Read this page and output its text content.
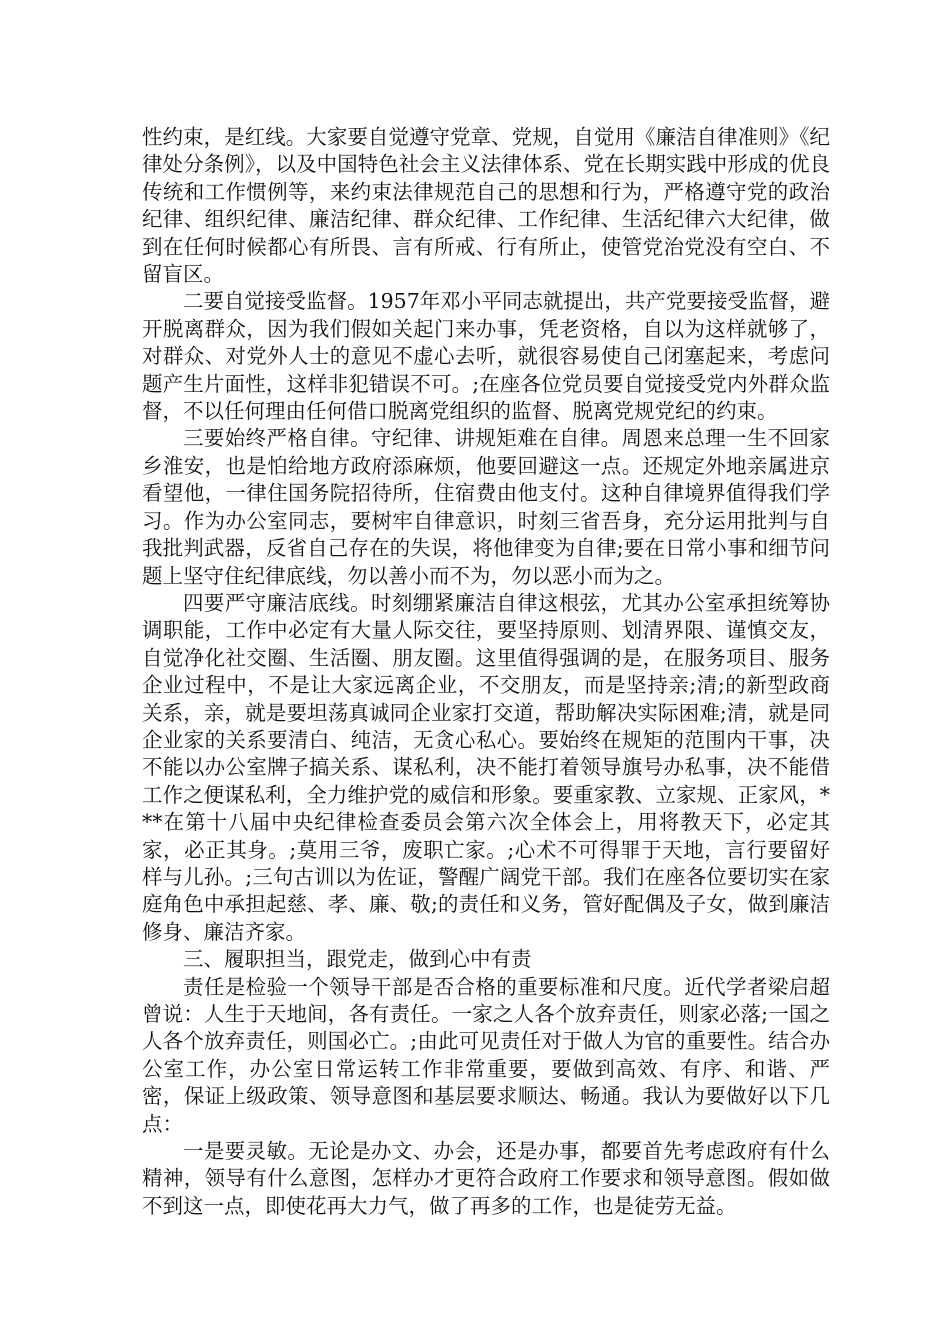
性约束，是红线。大家要自觉遵守党章、党规，自觉用《廉洁自律准则》《纪律处分条例》，以及中国特色社会主义法律体系、党在长期实践中形成的优良传统和工作惯例等，来约束法律规范自己的思想和行为，严格遵守党的政治纪律、组织纪律、廉洁纪律、群众纪律、工作纪律、生活纪律六大纪律，做到在任何时候都心有所畏、言有所戒、行有所止，使管党治党没有空白、不留盲区。

二要自觉接受监督。1957年邓小平同志就提出，共产党要接受监督，避开脱离群众，因为我们假如关起门来办事，凭老资格，自以为这样就够了，对群众、对党外人士的意见不虚心去听，就很容易使自己闭塞起来，考虑问题产生片面性，这样非犯错误不可。;在座各位党员要自觉接受党内外群众监督，不以任何理由任何借口脱离党组织的监督、脱离党规党纪的约束。

三要始终严格自律。守纪律、讲规矩难在自律。周恩来总理一生不回家乡淮安，也是怕给地方政府添麻烦，他要回避这一点。还规定外地亲属进京看望他，一律住国务院招待所，住宿费由他支付。这种自律境界值得我们学习。作为办公室同志，要树牢自律意识，时刻三省吾身，充分运用批判与自我批判武器，反省自己存在的失误，将他律变为自律;要在日常小事和细节问题上坚守住纪律底线，勿以善小而不为，勿以恶小而为之。

四要严守廉洁底线。时刻绷紧廉洁自律这根弦，尤其办公室承担统筹协调职能，工作中必定有大量人际交往，要坚持原则、划清界限、谨慎交友，自觉净化社交圈、生活圈、朋友圈。这里值得强调的是，在服务项目、服务企业过程中，不是让大家远离企业，不交朋友，而是坚持亲;清;的新型政商关系，亲，就是要坦荡真诚同企业家打交道，帮助解决实际困难;清，就是同企业家的关系要清白、纯洁，无贪心私心。要始终在规矩的范围内干事，决不能以办公室牌子搞关系、谋私利，决不能打着领导旗号办私事，决不能借工作之便谋私利，全力维护党的威信和形象。要重家教、立家规、正家风，***在第十八届中央纪律检查委员会第六次全体会上，用将教天下，必定其家，必正其身。;莫用三爷，废职亡家。;心术不可得罪于天地，言行要留好样与儿孙。;三句古训以为佐证，警醒广阔党干部。我们在座各位要切实在家庭角色中承担起慈、孝、廉、敬;的责任和义务，管好配偶及子女，做到廉洁修身、廉洁齐家。

三、履职担当，跟党走，做到心中有责

责任是检验一个领导干部是否合格的重要标准和尺度。近代学者梁启超曾说：人生于天地间，各有责任。一家之人各个放弃责任，则家必落;一国之人各个放弃责任，则国必亡。;由此可见责任对于做人为官的重要性。结合办公室工作，办公室日常运转工作非常重要，要做到高效、有序、和谐、严密，保证上级政策、领导意图和基层要求顺达、畅通。我认为要做好以下几点：

一是要灵敏。无论是办文、办会，还是办事，都要首先考虑政府有什么精神，领导有什么意图，怎样办才更符合政府工作要求和领导意图。假如做不到这一点，即使花再大力气，做了再多的工作，也是徒劳无益。
